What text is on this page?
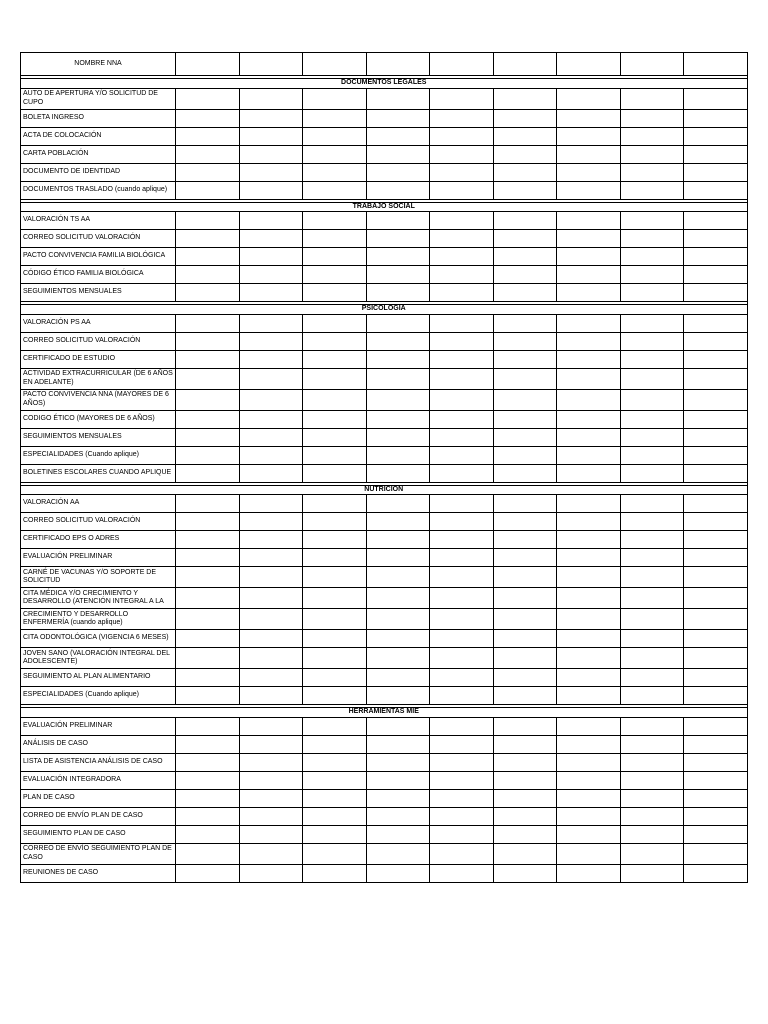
NOMBRE NNA									

DOCUMENTOS LEGALES									
AUTO DE APERTURA Y/O SOLICITUD DE CUPO									
BOLETA INGRESO									
ACTA DE COLOCACIÓN									
CARTA POBLACIÓN									
DOCUMENTO DE IDENTIDAD									
DOCUMENTOS TRASLADO (cuando aplique)									

TRABAJO SOCIAL									
VALORACIÓN TS AA									
CORREO SOLICITUD VALORACIÓN									
PACTO CONVIVENCIA FAMILIA BIOLÓGICA									
CÓDIGO ÉTICO FAMILIA BIOLÓGICA									
SEGUIMIENTOS MENSUALES									

PSICOLOGÍA									
VALORACIÓN PS AA									
CORREO SOLICITUD VALORACIÓN									
CERTIFICADO DE ESTUDIO									
ACTIVIDAD EXTRACURRICULAR (DE 6 AÑOS EN ADELANTE)									
PACTO CONVIVENCIA NNA (MAYORES DE 6 AÑOS)									
CODIGO ÉTICO (MAYORES DE 6 AÑOS)									
SEGUIMIENTOS MENSUALES									
ESPECIALIDADES (Cuando aplique)									
BOLETINES ESCOLARES CUANDO APLIQUE									

NUTRICIÓN									
VALORACIÓN AA									
CORREO SOLICITUD VALORACIÓN									
CERTIFICADO EPS O ADRES									
EVALUACIÓN PRELIMINAR									
CARNÉ DE VACUNAS Y/O SOPORTE DE SOLICITUD									
CITA MÉDICA Y/O CRECIMIENTO Y DESARROLLO (ATENCIÓN INTEGRAL A LA									
CRECIMIENTO Y DESARROLLO ENFERMERÍA (cuando aplique)									
CITA ODONTOLÓGICA (VIGENCIA 6 MESES)									
JOVEN SANO (VALORACIÓN INTEGRAL DEL ADOLESCENTE)									
SEGUIMIENTO AL PLAN ALIMENTARIO									
ESPECIALIDADES (Cuando aplique)									

HERRAMIENTAS MIE									
EVALUACIÓN PRELIMINAR									
ANÁLISIS DE CASO									
LISTA DE ASISTENCIA ANÁLISIS DE CASO									
EVALUACIÓN INTEGRADORA									
PLAN DE CASO									
CORREO DE ENVÍO PLAN DE CASO									
SEGUIMIENTO PLAN DE CASO									
CORREO DE ENVÍO SEGUIMIENTO PLAN DE CASO									
REUNIONES DE CASO									
